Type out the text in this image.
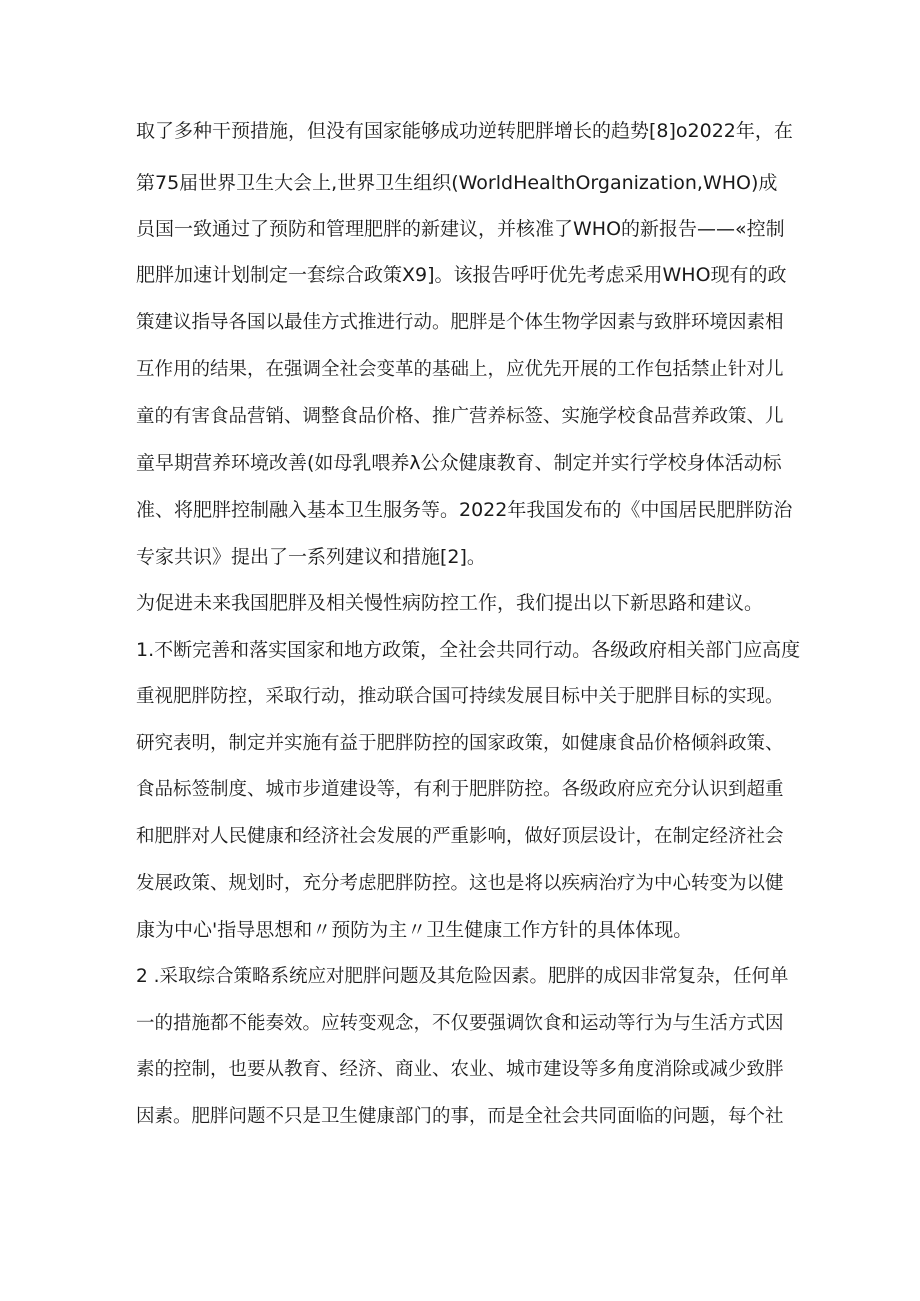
取了多种干预措施，但没有国家能够成功逆转肥胖增长的趋势[8]o2022年，在
第75届世界卫生大会上,世界卫生组织(WorldHealthOrganization,WHO)成
员国一致通过了预防和管理肥胖的新建议，并核准了WHO的新报告——«控制
肥胖加速计划制定一套综合政策X9]。该报告呼吁优先考虑采用WHO现有的政
策建议指导各国以最佳方式推进行动。肥胖是个体生物学因素与致胖环境因素相
互作用的结果，在强调全社会变革的基础上，应优先开展的工作包括禁止针对儿
童的有害食品营销、调整食品价格、推广营养标签、实施学校食品营养政策、儿
童早期营养环境改善(如母乳喂养λ公众健康教育、制定并实行学校身体活动标
准、将肥胖控制融入基本卫生服务等。2022年我国发布的《中国居民肥胖防治
专家共识》提出了一系列建议和措施[2]。
为促进未来我国肥胖及相关慢性病防控工作，我们提出以下新思路和建议。
1.不断完善和落实国家和地方政策，全社会共同行动。各级政府相关部门应高度
重视肥胖防控，采取行动，推动联合国可持续发展目标中关于肥胖目标的实现。
研究表明，制定并实施有益于肥胖防控的国家政策，如健康食品价格倾斜政策、
食品标签制度、城市步道建设等，有利于肥胖防控。各级政府应充分认识到超重
和肥胖对人民健康和经济社会发展的严重影响，做好顶层设计，在制定经济社会
发展政策、规划时，充分考虑肥胖防控。这也是将以疾病治疗为中心转变为以健
康为中心'指导思想和〃预防为主〃卫生健康工作方针的具体体现。
2 .采取综合策略系统应对肥胖问题及其危险因素。肥胖的成因非常复杂，任何单
一的措施都不能奏效。应转变观念，不仅要强调饮食和运动等行为与生活方式因
素的控制，也要从教育、经济、商业、农业、城市建设等多角度消除或减少致胖
因素。肥胖问题不只是卫生健康部门的事，而是全社会共同面临的问题，每个社
